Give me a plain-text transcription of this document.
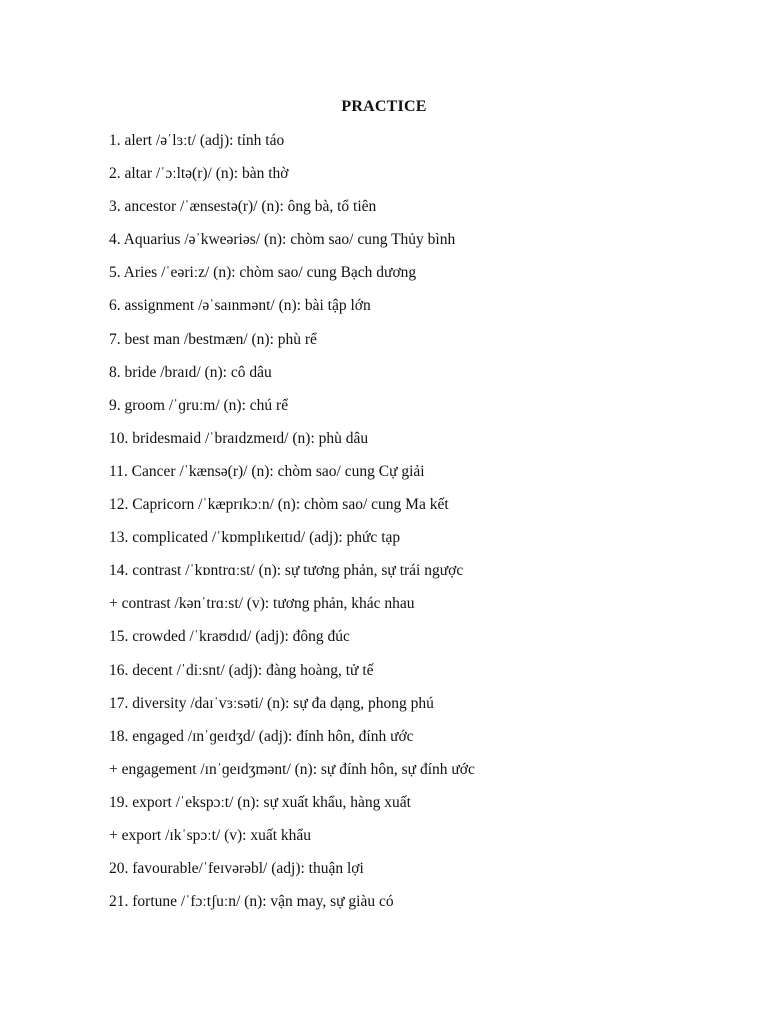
PRACTICE
1. alert /əˈlɜːt/ (adj): tỉnh táo
2. altar /ˈɔːltə(r)/ (n): bàn thờ
3. ancestor /ˈænsestə(r)/ (n): ông bà, tổ tiên
4. Aquarius /əˈkweəriəs/ (n): chòm sao/ cung Thủy bình
5. Aries /ˈeəriːz/ (n): chòm sao/ cung Bạch dương
6. assignment /əˈsaɪnmənt/ (n): bài tập lớn
7. best man /bestmæn/ (n): phù rể
8. bride /braɪd/ (n): cô dâu
9. groom /ˈɡruːm/ (n): chú rể
10. bridesmaid /ˈbraɪdzmeɪd/ (n): phù dâu
11. Cancer /ˈkænsə(r)/ (n): chòm sao/ cung Cự giải
12. Capricorn /ˈkæprɪkɔːn/ (n): chòm sao/ cung Ma kết
13. complicated /ˈkɒmplɪkeɪtɪd/ (adj): phức tạp
14. contrast /ˈkɒntrɑːst/ (n): sự tương phản, sự trái ngược
+ contrast /kənˈtrɑːst/ (v): tương phản, khác nhau
15. crowded /ˈkraʊdɪd/ (adj): đông đúc
16. decent /ˈdiːsnt/ (adj): đàng hoàng, tử tế
17. diversity /daɪˈvɜːsəti/ (n): sự đa dạng, phong phú
18. engaged /ɪnˈɡeɪdʒd/ (adj): đính hôn, đính ước
+ engagement /ɪnˈɡeɪdʒmənt/ (n): sự đính hôn, sự đính ước
19. export /ˈekspɔːt/ (n): sự xuất khẩu, hàng xuất
+ export /ɪkˈspɔːt/ (v): xuất khẩu
20. favourable/ˈfeɪvərəbl/ (adj): thuận lợi
21. fortune /ˈfɔːtʃuːn/ (n): vận may, sự giàu có
